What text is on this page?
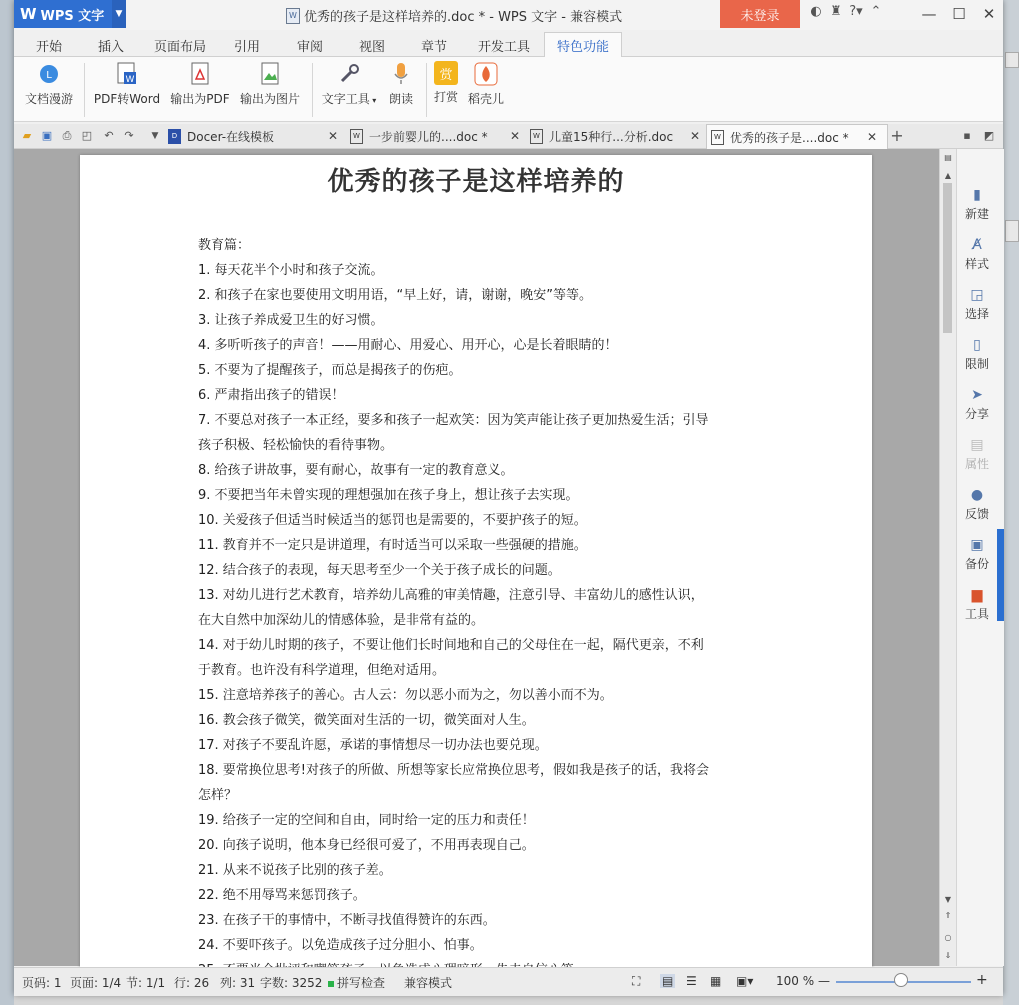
W WPS 文字	▼	W 优秀的孩子是这样培养的.doc * - WPS 文字 - 兼容模式	未登录	◐ ♜ ?▾ ⌃	—	☐	✕
开始	插入 页面布局 引用	审阅	视图	章节 开发工具	特色功能
L
文档漫游
W
PDF转Word 输出为PDF 输出为图片	文字工具 ▾	朗读
赏
打赏 稻壳儿
▰ ▣ ⎙ ◰ ↶ ↷	▼	D Docer-在线模板	✕	W 一步前婴儿的....doc * ✕	W 儿童15种行...分析.doc ✕	W 优秀的孩子是....doc * ✕ +	▪ ◩
优秀的孩子是这样培养的
教育篇：
1. 每天花半个小时和孩子交流。
2. 和孩子在家也要使用文明用语，“早上好，请，谢谢，晚安”等等。
3. 让孩子养成爱卫生的好习惯。
4. 多听听孩子的声音！——用耐心、用爱心、用开心，心是长着眼睛的！
5. 不要为了提醒孩子，而总是揭孩子的伤疤。
6. 严肃指出孩子的错误！
7. 不要总对孩子一本正经，要多和孩子一起欢笑：因为笑声能让孩子更加热爱生活；引导
孩子积极、轻松愉快的看待事物。
8. 给孩子讲故事，要有耐心，故事有一定的教育意义。
9. 不要把当年未曾实现的理想强加在孩子身上，想让孩子去实现。
10. 关爱孩子但适当时候适当的惩罚也是需要的，不要护孩子的短。
11. 教育并不一定只是讲道理，有时适当可以采取一些强硬的措施。
12. 结合孩子的表现，每天思考至少一个关于孩子成长的问题。
13. 对幼儿进行艺术教育，培养幼儿高雅的审美情趣，注意引导、丰富幼儿的感性认识，
在大自然中加深幼儿的情感体验，是非常有益的。
14. 对于幼儿时期的孩子，不要让他们长时间地和自己的父母住在一起，隔代更亲，不利
于教育。也许没有科学道理，但绝对适用。
15. 注意培养孩子的善心。古人云：勿以恶小而为之，勿以善小而不为。
16. 教会孩子微笑，微笑面对生活的一切，微笑面对人生。
17. 对孩子不要乱许愿，承诺的事情想尽一切办法也要兑现。
18. 要常换位思考!对孩子的所做、所想等家长应常换位思考，假如我是孩子的话，我将会
怎样？
19. 给孩子一定的空间和自由，同时给一定的压力和责任！
20. 向孩子说明，他本身已经很可爱了，不用再表现自己。
21. 从来不说孩子比别的孩子差。
22. 绝不用辱骂来惩罚孩子。
23. 在孩子干的事情中，不断寻找值得赞许的东西。
24. 不要吓孩子。以免造成孩子过分胆小、怕事。
▤
▲
▼
⇑
○
⇓
▮
新建
A̸
样式
◲
选择
▯
限制
➤
分享
▤
属性
●
反馈
▣
备份
▆
工具
页码: 1 页面: 1/4 节: 1/1 行: 26 列: 31 字数: 3252	拼写检查 兼容模式	⛶ ▤ ☰ ▦ ▣▾ 100 % —	+
